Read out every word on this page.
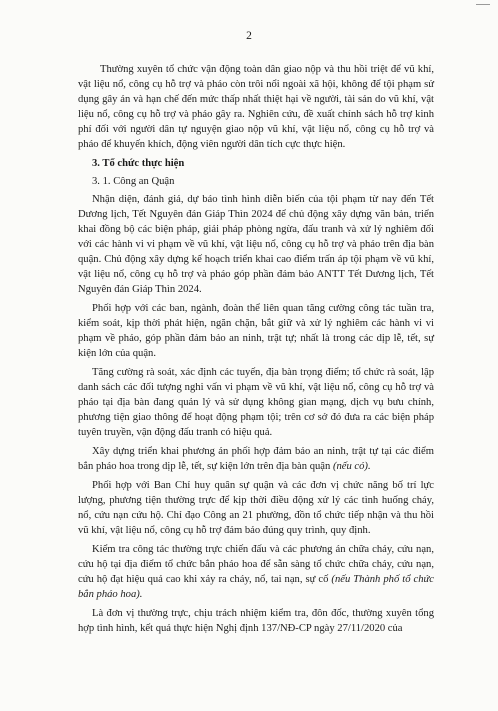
2

Thường xuyên tổ chức vận động toàn dân giao nộp và thu hồi triệt để vũ khí, vật liệu nổ, công cụ hỗ trợ và pháo còn trôi nổi ngoài xã hội, không để tội phạm sử dụng gây án và hạn chế đến mức thấp nhất thiệt hại về người, tài sản do vũ khí, vật liệu nổ, công cụ hỗ trợ và pháo gây ra. Nghiên cứu, đề xuất chính sách hỗ trợ kinh phí đối với người dân tự nguyện giao nộp vũ khí, vật liệu nổ, công cụ hỗ trợ và pháo để khuyến khích, động viên người dân tích cực thực hiện.

3. Tổ chức thực hiện
3. 1. Công an Quận

Nhận diện, đánh giá, dự báo tình hình diễn biến của tội phạm từ nay đến Tết Dương lịch, Tết Nguyên đán Giáp Thìn 2024 để chủ động xây dựng văn bản, triển khai đồng bộ các biện pháp, giải pháp phòng ngừa, đấu tranh và xử lý nghiêm đối với các hành vi vi phạm về vũ khí, vật liệu nổ, công cụ hỗ trợ và pháo trên địa bàn quận. Chủ động xây dựng kế hoạch triển khai cao điểm trấn áp tội phạm về vũ khí, vật liệu nổ, công cụ hỗ trợ và pháo góp phần đảm bảo ANTT Tết Dương lịch, Tết Nguyên đán Giáp Thìn 2024.

Phối hợp với các ban, ngành, đoàn thể liên quan tăng cường công tác tuần tra, kiểm soát, kịp thời phát hiện, ngăn chặn, bắt giữ và xử lý nghiêm các hành vi vi phạm về pháo, góp phần đảm bảo an ninh, trật tự; nhất là trong các dịp lễ, tết, sự kiện lớn của quận.

Tăng cường rà soát, xác định các tuyến, địa bàn trọng điểm; tổ chức rà soát, lập danh sách các đối tượng nghi vấn vi phạm về vũ khí, vật liệu nổ, công cụ hỗ trợ và pháo tại địa bàn đang quản lý và sử dụng không gian mạng, dịch vụ bưu chính, phương tiện giao thông để hoạt động phạm tội; trên cơ sở đó đưa ra các biện pháp tuyên truyền, vận động đấu tranh có hiệu quả.

Xây dựng triển khai phương án phối hợp đảm bảo an ninh, trật tự tại các điểm bắn pháo hoa trong dịp lễ, tết, sự kiện lớn trên địa bàn quận (nếu có).

Phối hợp với Ban Chỉ huy quân sự quận và các đơn vị chức năng bố trí lực lượng, phương tiện thường trực để kịp thời điều động xử lý các tình huống cháy, nổ, cứu nạn cứu hộ. Chỉ đạo Công an 21 phường, đồn tổ chức tiếp nhận và thu hồi vũ khí, vật liệu nổ, công cụ hỗ trợ đảm bảo đúng quy trình, quy định.

Kiểm tra công tác thường trực chiến đấu và các phương án chữa cháy, cứu nạn, cứu hộ tại địa điểm tổ chức bắn pháo hoa để sẵn sàng tổ chức chữa cháy, cứu nạn, cứu hộ đạt hiệu quả cao khi xảy ra cháy, nổ, tai nạn, sự cố (nếu Thành phố tổ chức bắn pháo hoa).

Là đơn vị thường trực, chịu trách nhiệm kiểm tra, đôn đốc, thường xuyên tổng hợp tình hình, kết quả thực hiện Nghị định 137/NĐ-CP ngày 27/11/2020 của
